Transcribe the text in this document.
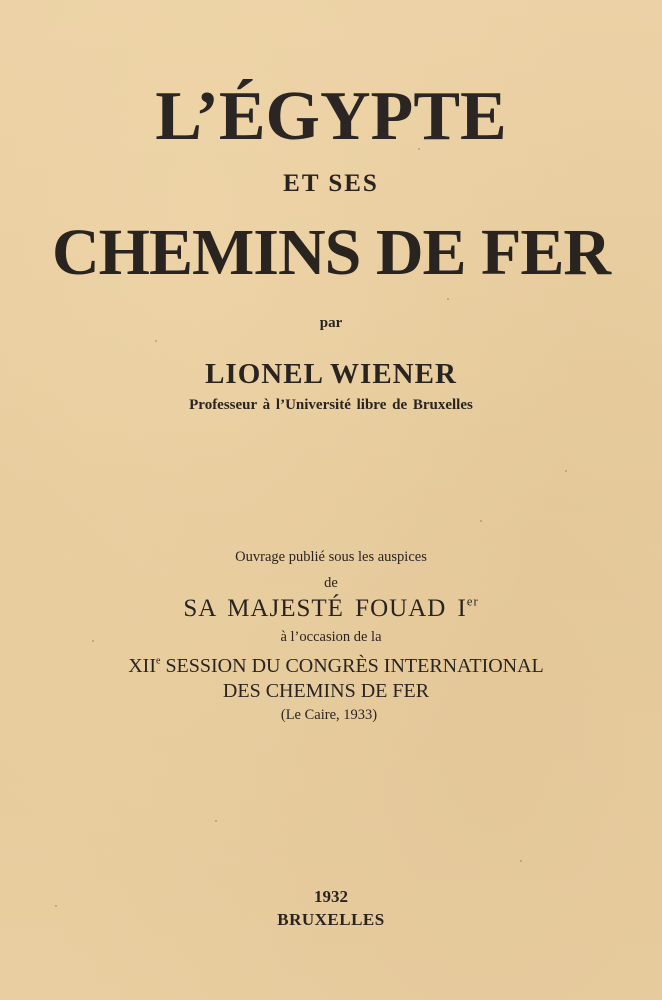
L’ÉGYPTE
ET SES
CHEMINS DE FER
par
LIONEL WIENER
Professeur à l’Université libre de Bruxelles
Ouvrage publié sous les auspices
de
SA MAJESTÉ FOUAD Ier
à l’occasion de la
XIIe SESSION DU CONGRÈS INTERNATIONAL
DES CHEMINS DE FER
(Le Caire, 1933)
1932
BRUXELLES
